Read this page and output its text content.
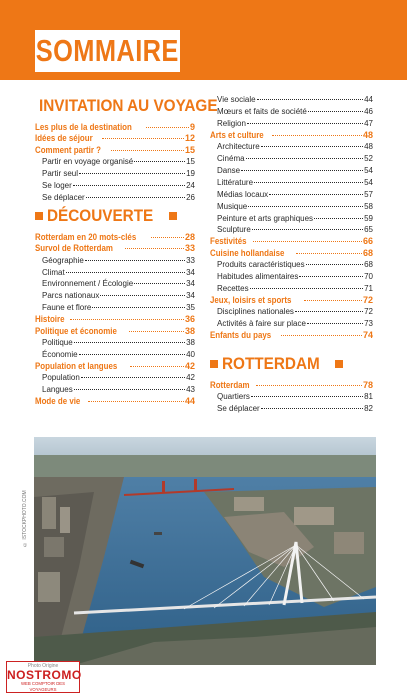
SOMMAIRE
INVITATION AU VOYAGE
Les plus de la destination	9
Idées de séjour	12
Comment partir ?	15
Partir en voyage organisé	15
Partir seul	19
Se loger	24
Se déplacer	26
DÉCOUVERTE
Rotterdam en 20 mots-clés	28
Survol de Rotterdam	33
Géographie	33
Climat	34
Environnement / Écologie	34
Parcs nationaux	34
Faune et flore	35
Histoire	36
Politique et économie	38
Politique	38
Économie	40
Population et langues	42
Population	42
Langues	43
Mode de vie	44
Vie sociale	44
Mœurs et faits de société	46
Religion	47
Arts et culture	48
Architecture	48
Cinéma	52
Danse	54
Littérature	54
Médias locaux	57
Musique	58
Peinture et arts graphiques	59
Sculpture	65
Festivités	66
Cuisine hollandaise	68
Produits caractéristiques	68
Habitudes alimentaires	70
Recettes	71
Jeux, loisirs et sports	72
Disciplines nationales	72
Activités à faire sur place	73
Enfants du pays	74
ROTTERDAM
Rotterdam	78
Quartiers	81
Se déplacer	82
© ISTOCKPHOTO.COM
Photo Origine
NOSTROMO
WEB COMPTOIR DES VOYAGEURS
